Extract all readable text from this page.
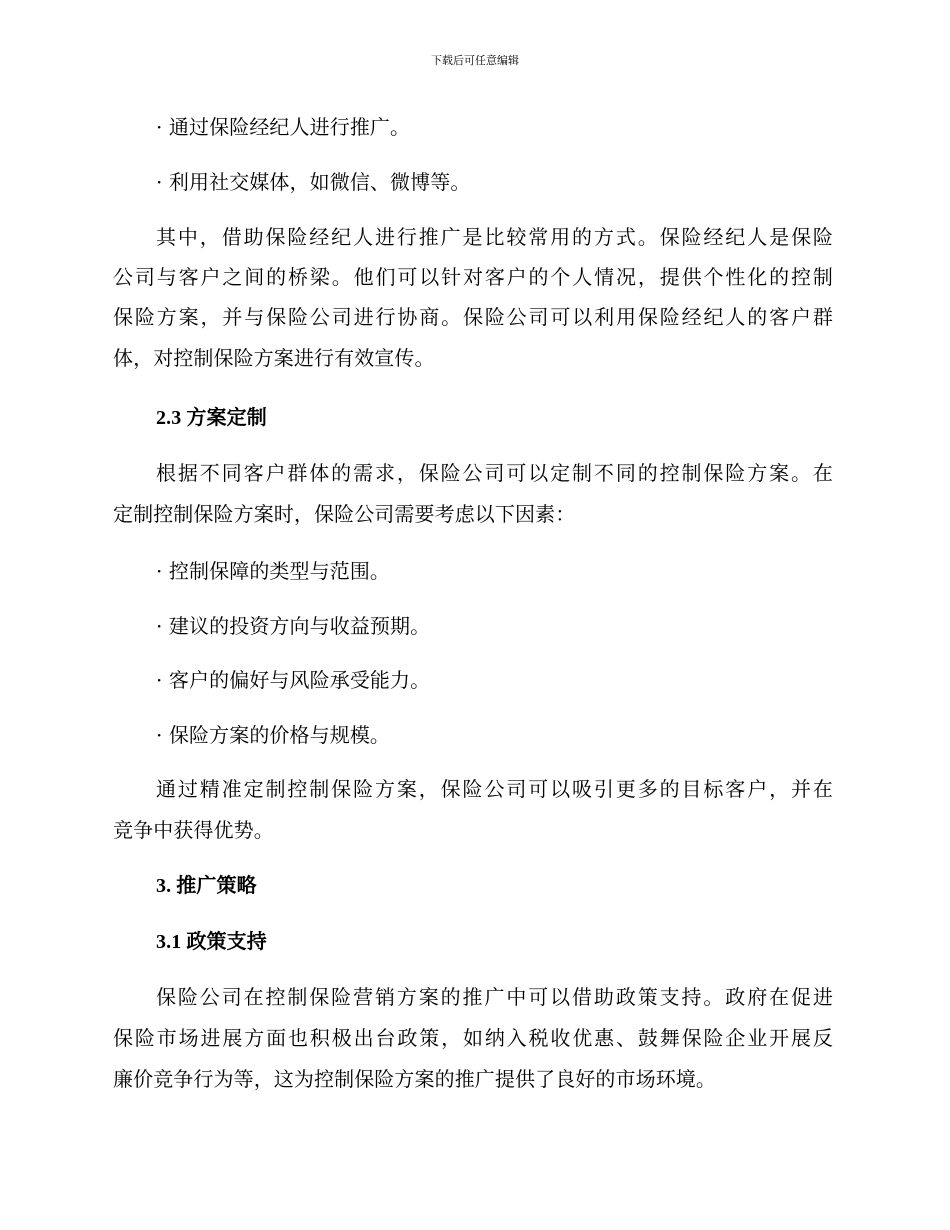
下载后可任意编辑
· 通过保险经纪人进行推广。
· 利用社交媒体，如微信、微博等。
其中，借助保险经纪人进行推广是比较常用的方式。保险经纪人是保险
公司与客户之间的桥梁。他们可以针对客户的个人情况，提供个性化的控制
保险方案，并与保险公司进行协商。保险公司可以利用保险经纪人的客户群
体，对控制保险方案进行有效宣传。
2.3 方案定制
根据不同客户群体的需求，保险公司可以定制不同的控制保险方案。在
定制控制保险方案时，保险公司需要考虑以下因素：
· 控制保障的类型与范围。
· 建议的投资方向与收益预期。
· 客户的偏好与风险承受能力。
· 保险方案的价格与规模。
通过精准定制控制保险方案，保险公司可以吸引更多的目标客户，并在
竞争中获得优势。
3. 推广策略
3.1 政策支持
保险公司在控制保险营销方案的推广中可以借助政策支持。政府在促进
保险市场进展方面也积极出台政策，如纳入税收优惠、鼓舞保险企业开展反
廉价竞争行为等，这为控制保险方案的推广提供了良好的市场环境。
